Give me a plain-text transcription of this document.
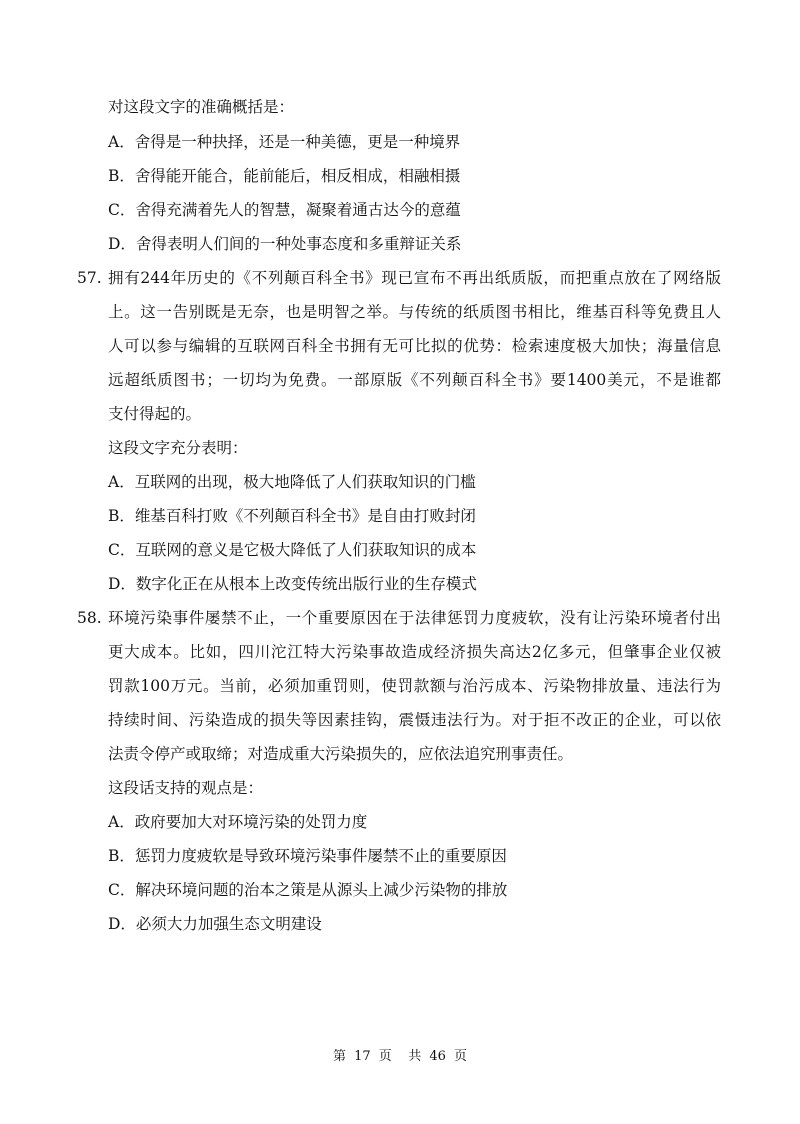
对这段文字的准确概括是：
A．舍得是一种抉择，还是一种美德，更是一种境界
B．舍得能开能合，能前能后，相反相成，相融相摄
C．舍得充满着先人的智慧，凝聚着通古达今的意蕴
D．舍得表明人们间的一种处事态度和多重辩证关系
57. 拥有244年历史的《不列颠百科全书》现已宣布不再出纸质版，而把重点放在了网络版
上。这一告别既是无奈，也是明智之举。与传统的纸质图书相比，维基百科等免费且人
人可以参与编辑的互联网百科全书拥有无可比拟的优势：检索速度极大加快；海量信息
远超纸质图书；一切均为免费。一部原版《不列颠百科全书》要1400美元，不是谁都
支付得起的。
这段文字充分表明：
A．互联网的出现，极大地降低了人们获取知识的门槛
B．维基百科打败《不列颠百科全书》是自由打败封闭
C．互联网的意义是它极大降低了人们获取知识的成本
D．数字化正在从根本上改变传统出版行业的生存模式
58. 环境污染事件屡禁不止，一个重要原因在于法律惩罚力度疲软，没有让污染环境者付出
更大成本。比如，四川沱江特大污染事故造成经济损失高达2亿多元，但肇事企业仅被
罚款100万元。当前，必须加重罚则，使罚款额与治污成本、污染物排放量、违法行为
持续时间、污染造成的损失等因素挂钩，震慑违法行为。对于拒不改正的企业，可以依
法责令停产或取缔；对造成重大污染损失的，应依法追究刑事责任。
这段话支持的观点是：
A．政府要加大对环境污染的处罚力度
B．惩罚力度疲软是导致环境污染事件屡禁不止的重要原因
C．解决环境问题的治本之策是从源头上减少污染物的排放
D．必须大力加强生态文明建设
第 17 页 共 46 页
